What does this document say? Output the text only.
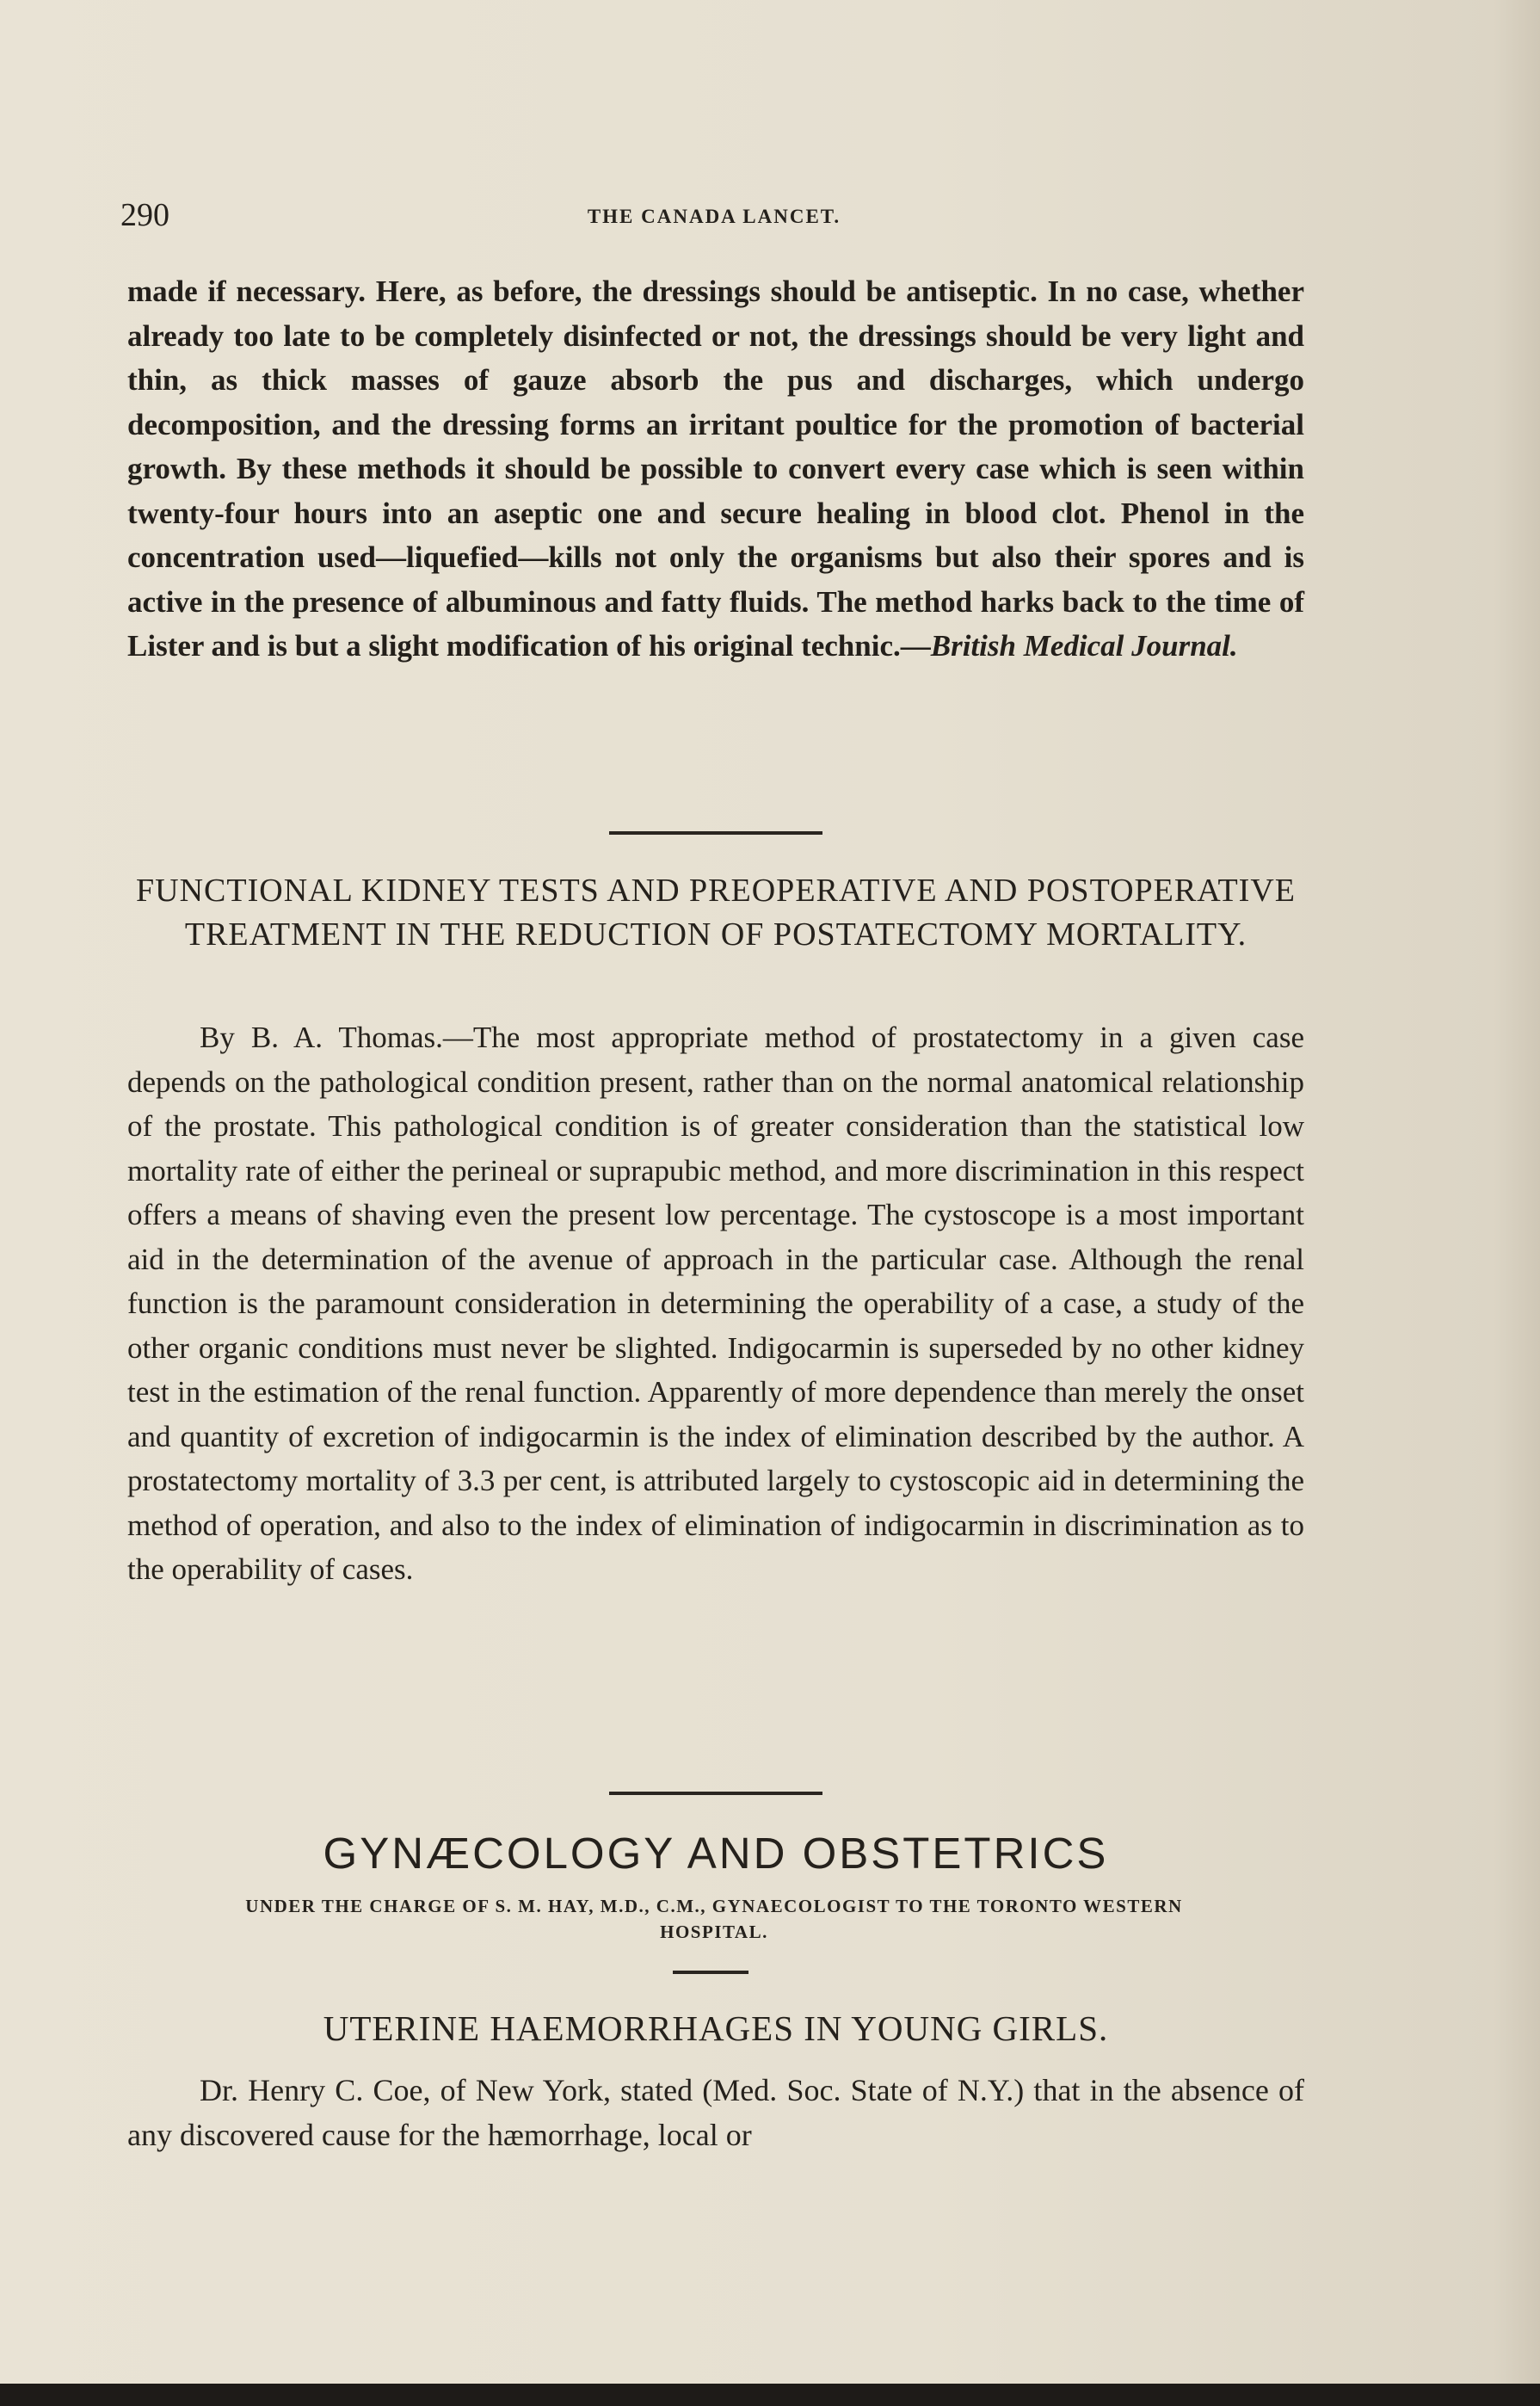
290	THE CANADA LANCET.

made if necessary. Here, as before, the dressings should be antiseptic. In no case, whether already too late to be completely disinfected or not, the dressings should be very light and thin, as thick masses of gauze absorb the pus and discharges, which undergo decomposition, and the dressing forms an irritant poultice for the promotion of bacterial growth. By these methods it should be possible to convert every case which is seen within twenty-four hours into an aseptic one and secure healing in blood clot. Phenol in the concentration used—liquefied—kills not only the organisms but also their spores and is active in the presence of albuminous and fatty fluids. The method harks back to the time of Lister and is but a slight modification of his original technic.—British Medical Journal.

FUNCTIONAL KIDNEY TESTS AND PREOPERATIVE AND POSTOPERATIVE TREATMENT IN THE REDUCTION OF POSTATECTOMY MORTALITY.

By B. A. Thomas.—The most appropriate method of prostatectomy in a given case depends on the pathological condition present, rather than on the normal anatomical relationship of the prostate. This pathological condition is of greater consideration than the statistical low mortality rate of either the perineal or suprapubic method, and more discrimination in this respect offers a means of shaving even the present low percentage. The cystoscope is a most important aid in the determination of the avenue of approach in the particular case. Although the renal function is the paramount consideration in determining the operability of a case, a study of the other organic conditions must never be slighted. Indigocarmin is superseded by no other kidney test in the estimation of the renal function. Apparently of more dependence than merely the onset and quantity of excretion of indigocarmin is the index of elimination described by the author. A prostatectomy mortality of 3.3 per cent, is attributed largely to cystoscopic aid in determining the method of operation, and also to the index of elimination of indigocarmin in discrimination as to the operability of cases.

GYNÆCOLOGY AND OBSTETRICS
UNDER THE CHARGE OF S. M. HAY, M.D., C.M., GYNAECOLOGIST TO THE TORONTO WESTERN HOSPITAL.
UTERINE HAEMORRHAGES IN YOUNG GIRLS.

Dr. Henry C. Coe, of New York, stated (Med. Soc. State of N.Y.) that in the absence of any discovered cause for the hæmorrhage, local or
